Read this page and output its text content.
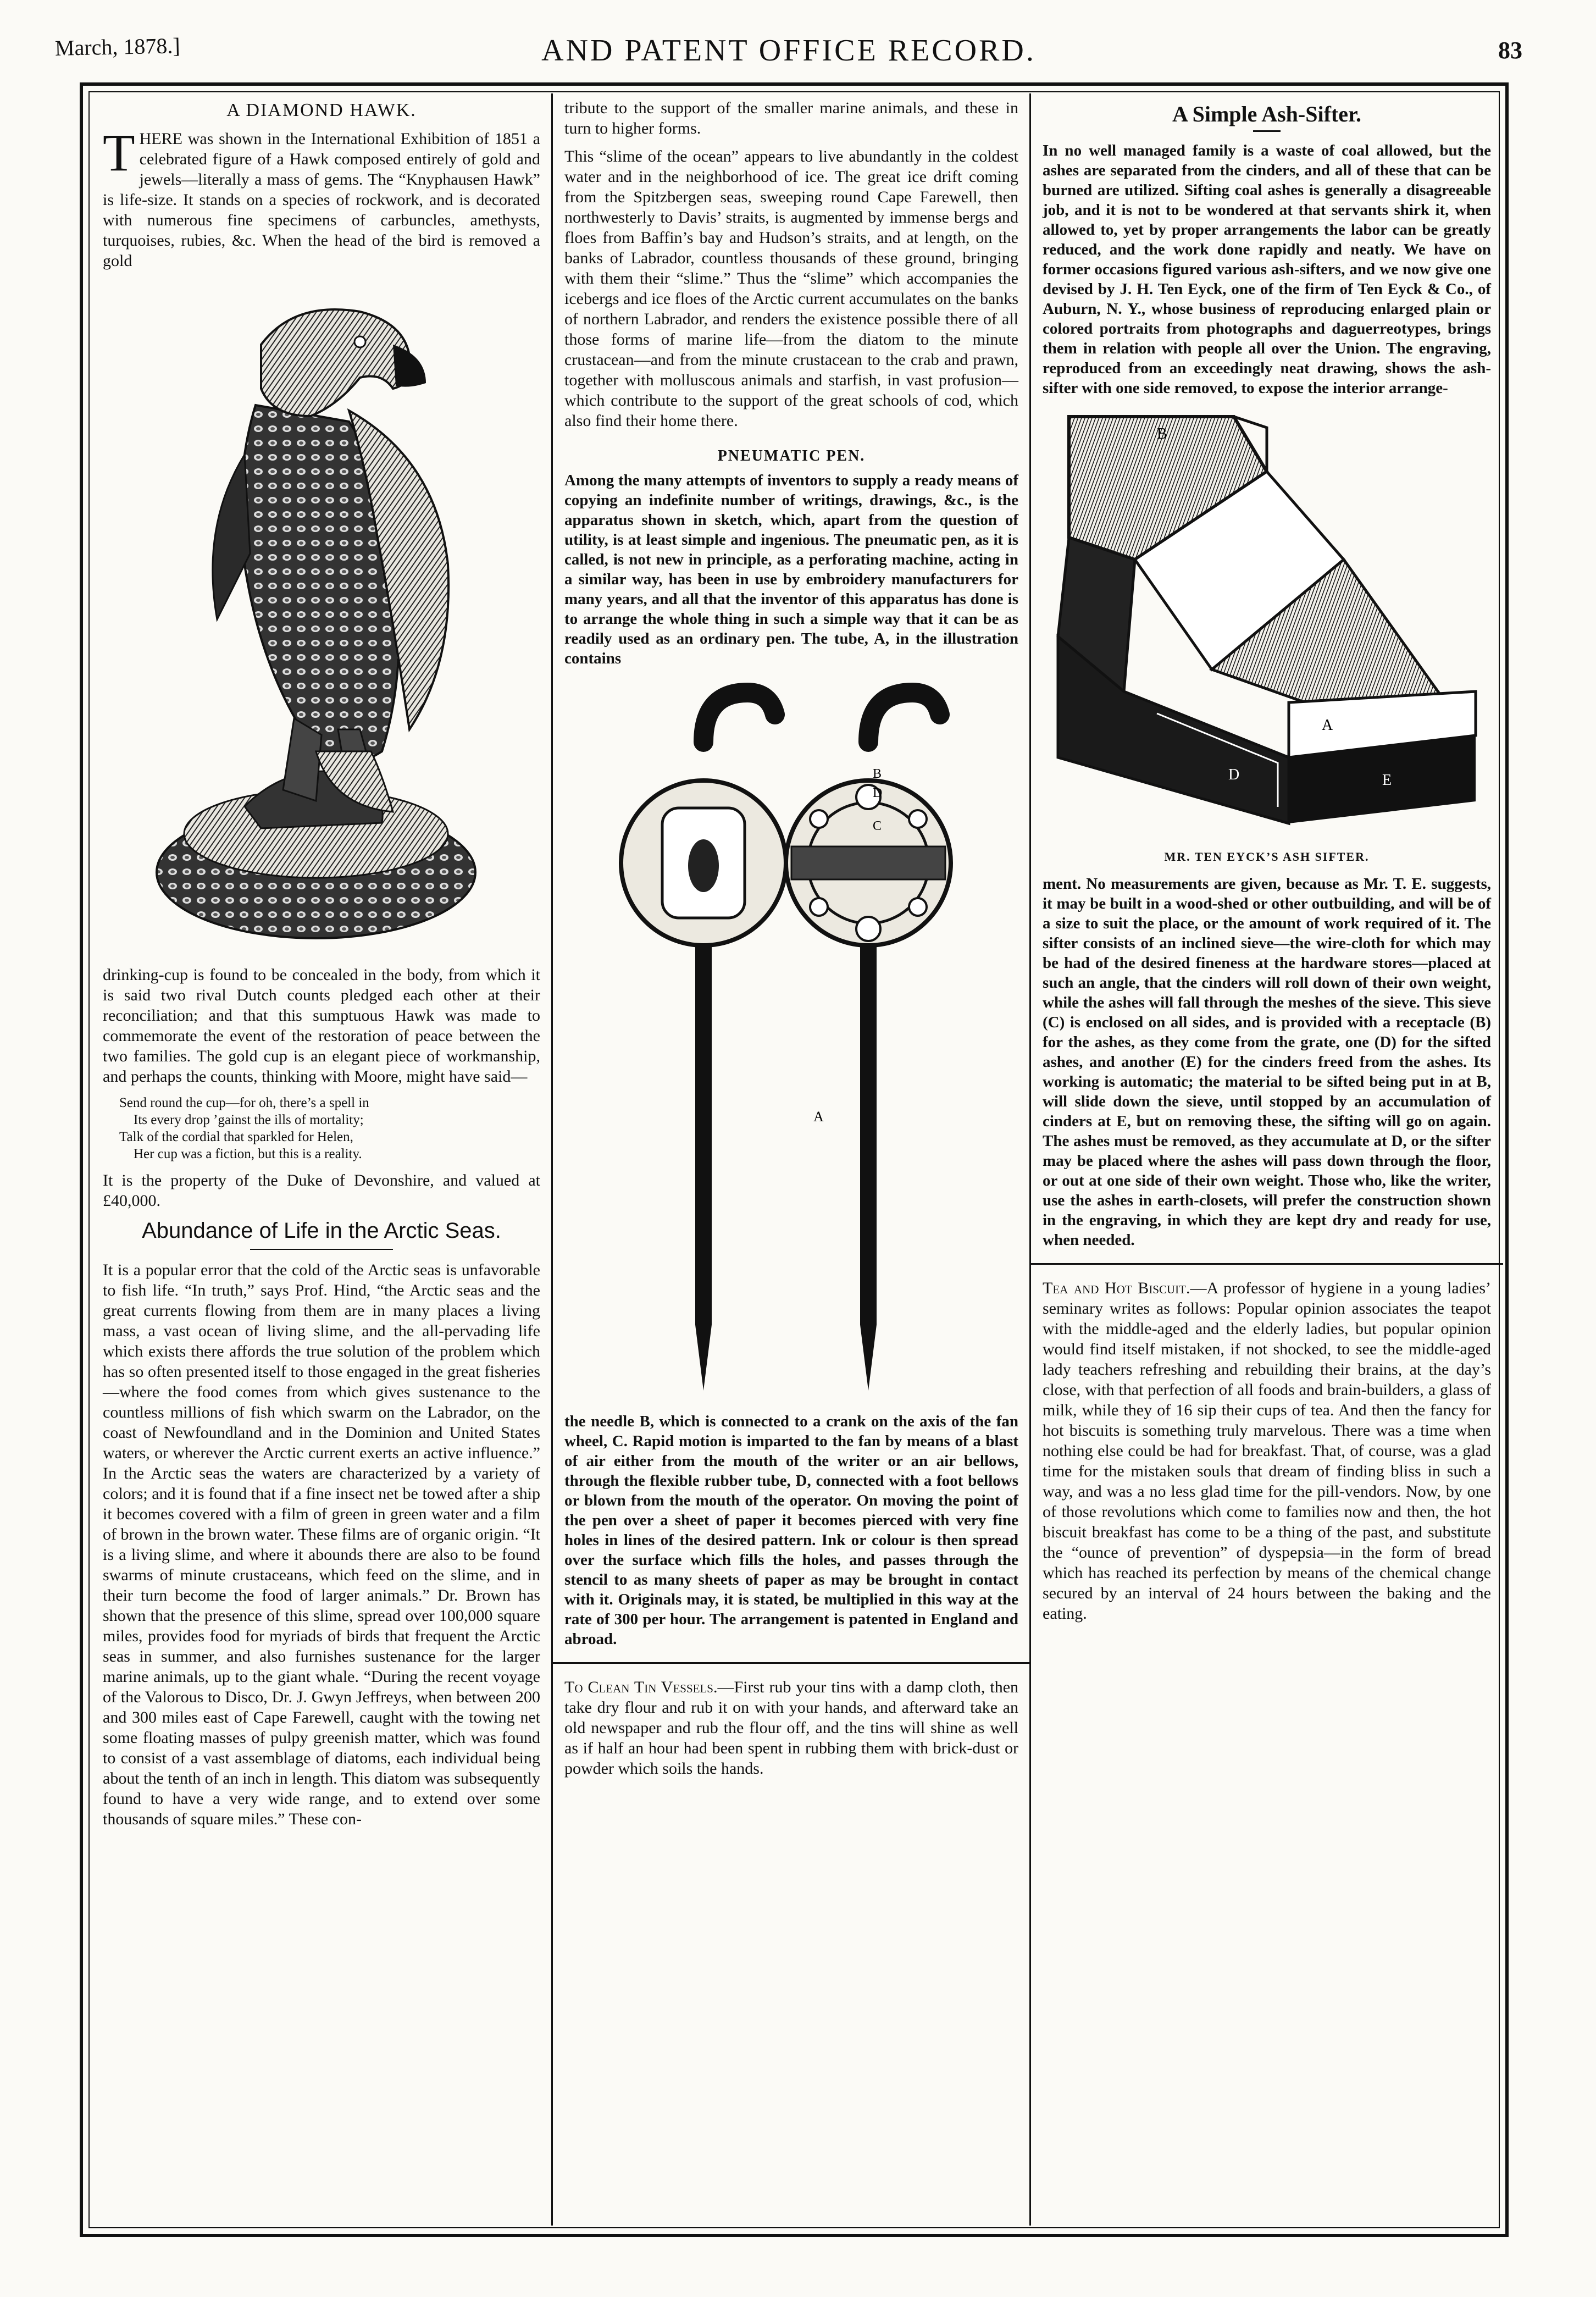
March, 1878.]	AND PATENT OFFICE RECORD.	83
A DIAMOND HAWK.

THERE was shown in the International Exhibition of 1851 a celebrated figure of a Hawk composed entirely of gold and jewels—literally a mass of gems. The “Knyphausen Hawk” is life-size. It stands on a species of rockwork, and is decorated with numerous fine specimens of carbuncles, amethysts, turquoises, rubies, &c. When the head of the bird is removed a gold

drinking-cup is found to be concealed in the body, from which it is said two rival Dutch counts pledged each other at their reconciliation; and that this sumptuous Hawk was made to commemorate the event of the restoration of peace between the two families. The gold cup is an elegant piece of workmanship, and perhaps the counts, thinking with Moore, might have said—

Send round the cup—for oh, there’s a spell in
Its every drop ’gainst the ills of mortality;
Talk of the cordial that sparkled for Helen,
Her cup was a fiction, but this is a reality.

It is the property of the Duke of Devonshire, and valued at £40,000.

Abundance of Life in the Arctic Seas.

It is a popular error that the cold of the Arctic seas is unfavorable to fish life. “In truth,” says Prof. Hind, “the Arctic seas and the great currents flowing from them are in many places a living mass, a vast ocean of living slime, and the all-pervading life which exists there affords the true solution of the problem which has so often presented itself to those engaged in the great fisheries—where the food comes from which gives sustenance to the countless millions of fish which swarm on the Labrador, on the coast of Newfoundland and in the Dominion and United States waters, or wherever the Arctic current exerts an active influence.” In the Arctic seas the waters are characterized by a variety of colors; and it is found that if a fine insect net be towed after a ship it becomes covered with a film of green in green water and a film of brown in the brown water. These films are of organic origin. “It is a living slime, and where it abounds there are also to be found swarms of minute crustaceans, which feed on the slime, and in their turn become the food of larger animals.” Dr. Brown has shown that the presence of this slime, spread over 100,000 square miles, provides food for myriads of birds that frequent the Arctic seas in summer, and also furnishes sustenance for the larger marine animals, up to the giant whale. “During the recent voyage of the Valorous to Disco, Dr. J. Gwyn Jeffreys, when between 200 and 300 miles east of Cape Farewell, caught with the towing net some floating masses of pulpy greenish matter, which was found to consist of a vast assemblage of diatoms, each individual being about the tenth of an inch in length. This diatom was subsequently found to have a very wide range, and to extend over some thousands of square miles.” These con-

tribute to the support of the smaller marine animals, and these in turn to higher forms.

This “slime of the ocean” appears to live abundantly in the coldest water and in the neighborhood of ice. The great ice drift coming from the Spitzbergen seas, sweeping round Cape Farewell, then northwesterly to Davis’ straits, is augmented by immense bergs and floes from Baffin’s bay and Hudson’s straits, and at length, on the banks of Labrador, countless thousands of these ground, bringing with them their “slime.” Thus the “slime” which accompanies the icebergs and ice floes of the Arctic current accumulates on the banks of northern Labrador, and renders the existence possible there of all those forms of marine life—from the diatom to the minute crustacean—and from the minute crustacean to the crab and prawn, together with molluscous animals and starfish, in vast profusion—which contribute to the support of the great schools of cod, which also find their home there.

PNEUMATIC PEN.

Among the many attempts of inventors to supply a ready means of copying an indefinite number of writings, drawings, &c., is the apparatus shown in sketch, which, apart from the question of utility, is at least simple and ingenious. The pneumatic pen, as it is called, is not new in principle, as a perforating machine, acting in a similar way, has been in use by embroidery manufacturers for many years, and all that the inventor of this apparatus has done is to arrange the whole thing in such a simple way that it can be as readily used as an ordinary pen. The tube, A, in the illustration contains

A
B
C
D

the needle B, which is connected to a crank on the axis of the fan wheel, C. Rapid motion is imparted to the fan by means of a blast of air either from the mouth of the writer or an air bellows, through the flexible rubber tube, D, connected with a foot bellows or blown from the mouth of the operator. On moving the point of the pen over a sheet of paper it becomes pierced with very fine holes in lines of the desired pattern. Ink or colour is then spread over the surface which fills the holes, and passes through the stencil to as many sheets of paper as may be brought in contact with it. Originals may, it is stated, be multiplied in this way at the rate of 300 per hour. The arrangement is patented in England and abroad.

To Clean Tin Vessels.—First rub your tins with a damp cloth, then take dry flour and rub it on with your hands, and afterward take an old newspaper and rub the flour off, and the tins will shine as well as if half an hour had been spent in rubbing them with brick-dust or powder which soils the hands.

A Simple Ash-Sifter.

In no well managed family is a waste of coal allowed, but the ashes are separated from the cinders, and all of these that can be burned are utilized. Sifting coal ashes is generally a disagreeable job, and it is not to be wondered at that servants shirk it, when allowed to, yet by proper arrangements the labor can be greatly reduced, and the work done rapidly and neatly. We have on former occasions figured various ash-sifters, and we now give one devised by J. H. Ten Eyck, one of the firm of Ten Eyck & Co., of Auburn, N. Y., whose business of reproducing enlarged plain or colored portraits from photographs and daguerreotypes, brings them in relation with people all over the Union. The engraving, reproduced from an exceedingly neat drawing, shows the ash-sifter with one side removed, to expose the interior arrange-

A
B
D	E
MR. TEN EYCK’S ASH SIFTER.

ment. No measurements are given, because as Mr. T. E. suggests, it may be built in a wood-shed or other outbuilding, and will be of a size to suit the place, or the amount of work required of it. The sifter consists of an inclined sieve—the wire-cloth for which may be had of the desired fineness at the hardware stores—placed at such an angle, that the cinders will roll down of their own weight, while the ashes will fall through the meshes of the sieve. This sieve (C) is enclosed on all sides, and is provided with a receptacle (B) for the ashes, as they come from the grate, one (D) for the sifted ashes, and another (E) for the cinders freed from the ashes. Its working is automatic; the material to be sifted being put in at B, will slide down the sieve, until stopped by an accumulation of cinders at E, but on removing these, the sifting will go on again. The ashes must be removed, as they accumulate at D, or the sifter may be placed where the ashes will pass down through the floor, or out at one side of their own weight. Those who, like the writer, use the ashes in earth-closets, will prefer the construction shown in the engraving, in which they are kept dry and ready for use, when needed.

Tea and Hot Biscuit.—A professor of hygiene in a young ladies’ seminary writes as follows: Popular opinion associates the teapot with the middle-aged and the elderly ladies, but popular opinion would find itself mistaken, if not shocked, to see the middle-aged lady teachers refreshing and rebuilding their brains, at the day’s close, with that perfection of all foods and brain-builders, a glass of milk, while they of 16 sip their cups of tea. And then the fancy for hot biscuits is something truly marvelous. There was a time when nothing else could be had for breakfast. That, of course, was a glad time for the mistaken souls that dream of finding bliss in such a way, and was a no less glad time for the pill-vendors. Now, by one of those revolutions which come to families now and then, the hot biscuit breakfast has come to be a thing of the past, and substitute the “ounce of prevention” of dyspepsia—in the form of bread which has reached its perfection by means of the chemical change secured by an interval of 24 hours between the baking and the eating.
